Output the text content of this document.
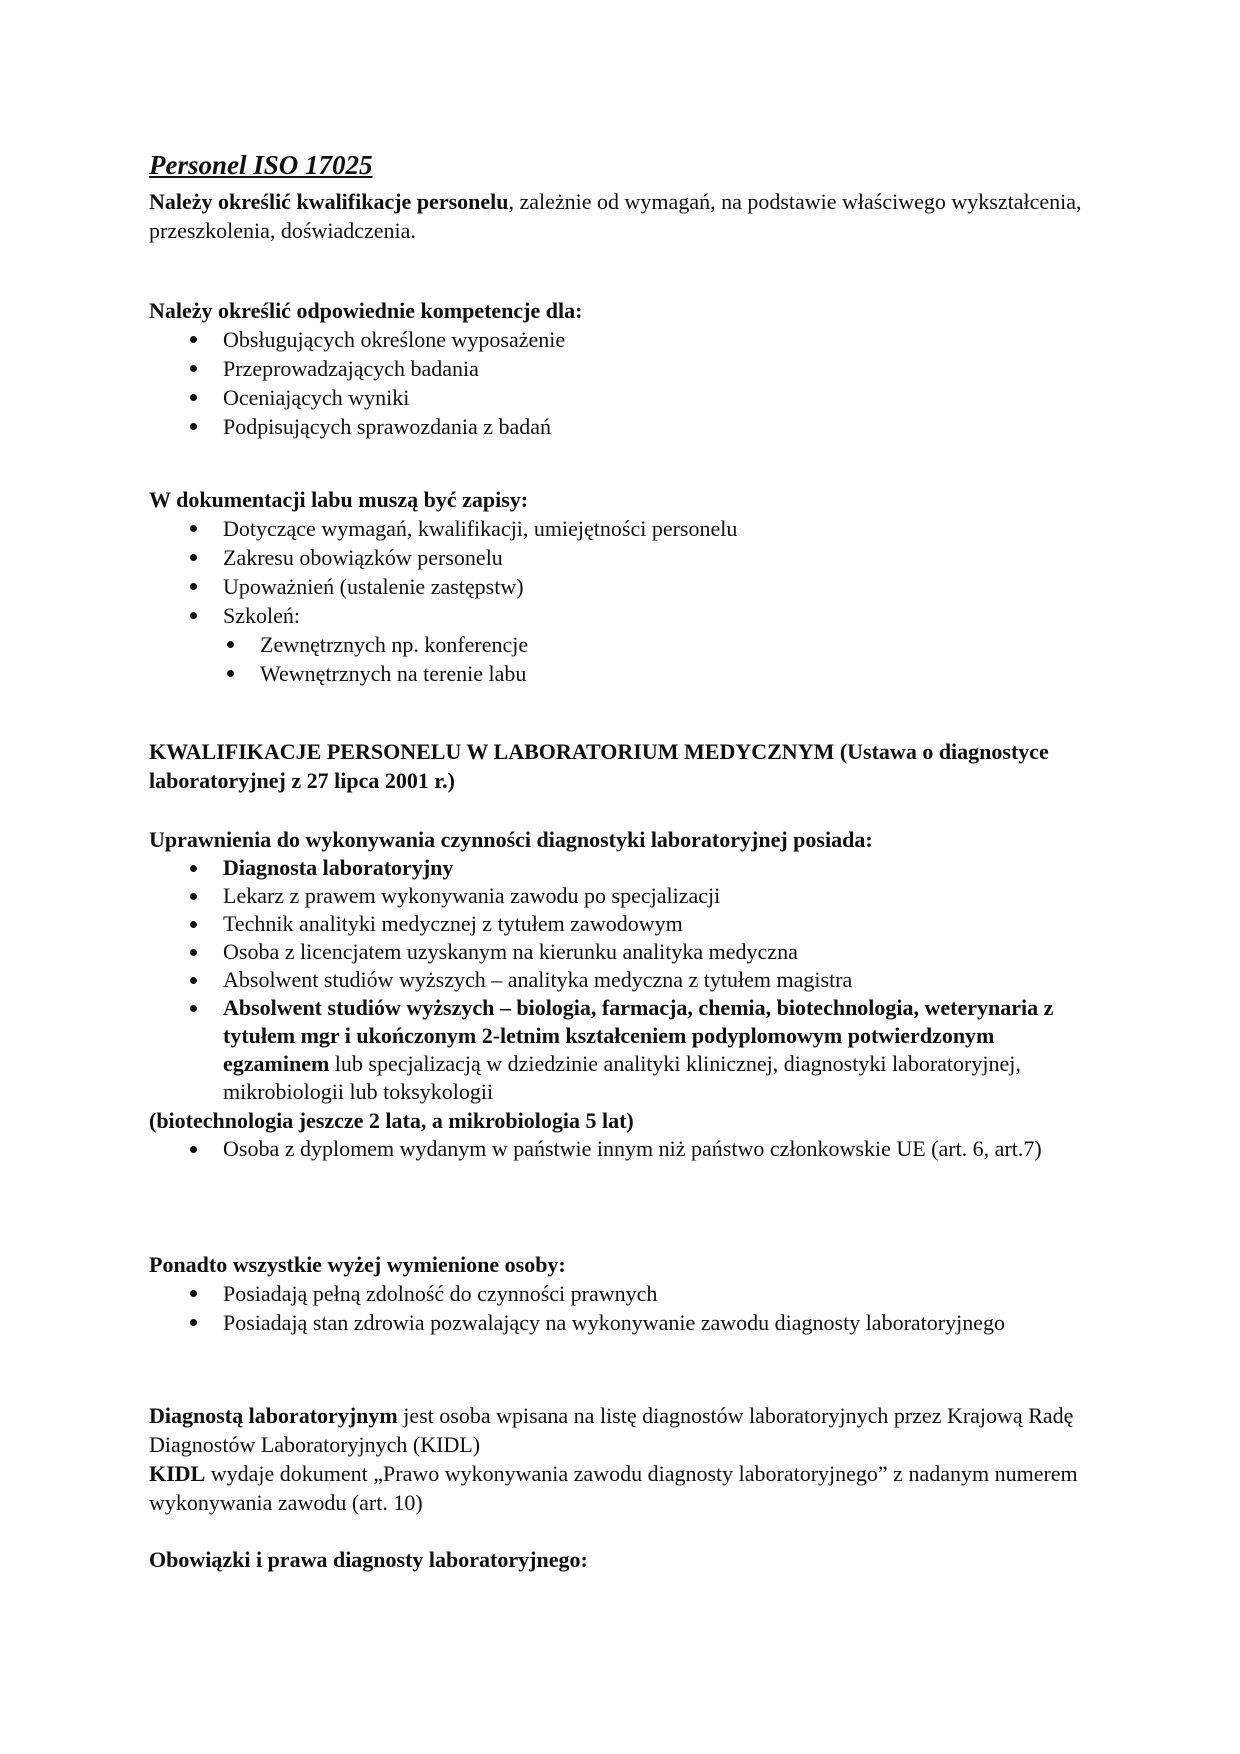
Personel ISO 17025

Należy określić kwalifikacje personelu, zależnie od wymagań, na podstawie właściwego wykształcenia, przeszkolenia, doświadczenia.

Należy określić odpowiednie kompetencje dla:

Obsługujących określone wyposażenie
Przeprowadzających badania
Oceniających wyniki
Podpisujących sprawozdania z badań

W dokumentacji labu muszą być zapisy:

Dotyczące wymagań, kwalifikacji, umiejętności personelu
Zakresu obowiązków personelu
Upoważnień (ustalenie zastępstw)
Szkoleń:
Zewnętrznych np. konferencje
Wewnętrznych na terenie labu

KWALIFIKACJE PERSONELU W LABORATORIUM MEDYCZNYM (Ustawa o diagnostyce laboratoryjnej z 27 lipca 2001 r.)

Uprawnienia do wykonywania czynności diagnostyki laboratoryjnej posiada:

Diagnosta laboratoryjny
Lekarz z prawem wykonywania zawodu po specjalizacji
Technik analityki medycznej z tytułem zawodowym
Osoba z licencjatem uzyskanym na kierunku analityka medyczna
Absolwent studiów wyższych – analityka medyczna z tytułem magistra
Absolwent studiów wyższych – biologia, farmacja, chemia, biotechnologia, weterynaria z tytułem mgr i ukończonym 2-letnim kształceniem podyplomowym potwierdzonym egzaminem lub specjalizacją w dziedzinie analityki klinicznej, diagnostyki laboratoryjnej, mikrobiologii lub toksykologii

(biotechnologia jeszcze 2 lata, a mikrobiologia 5 lat)

Osoba z dyplomem wydanym w państwie innym niż państwo członkowskie UE (art. 6, art.7)

Ponadto wszystkie wyżej wymienione osoby:

Posiadają pełną zdolność do czynności prawnych
Posiadają stan zdrowia pozwalający na wykonywanie zawodu diagnosty laboratoryjnego

Diagnostą laboratoryjnym jest osoba wpisana na listę diagnostów laboratoryjnych przez Krajową Radę Diagnostów Laboratoryjnych (KIDL)

KIDL wydaje dokument „Prawo wykonywania zawodu diagnosty laboratoryjnego” z nadanym numerem wykonywania zawodu (art. 10)

Obowiązki i prawa diagnosty laboratoryjnego:
